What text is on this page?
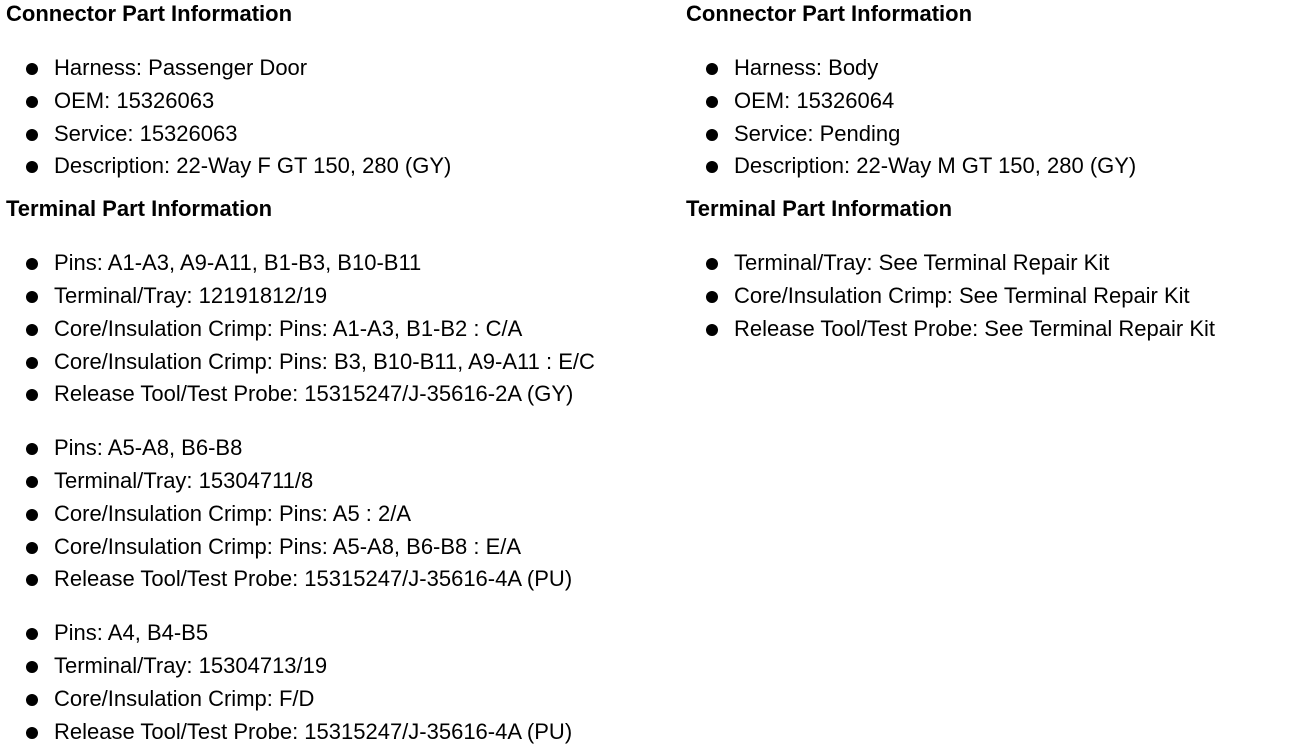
Connector Part Information
Harness: Passenger Door
OEM: 15326063
Service: 15326063
Description: 22-Way F GT 150, 280 (GY)
Terminal Part Information
Pins: A1-A3, A9-A11, B1-B3, B10-B11
Terminal/Tray: 12191812/19
Core/Insulation Crimp: Pins: A1-A3, B1-B2 : C/A
Core/Insulation Crimp: Pins: B3, B10-B11, A9-A11 : E/C
Release Tool/Test Probe: 15315247/J-35616-2A (GY)
Pins: A5-A8, B6-B8
Terminal/Tray: 15304711/8
Core/Insulation Crimp: Pins: A5 : 2/A
Core/Insulation Crimp: Pins: A5-A8, B6-B8 : E/A
Release Tool/Test Probe: 15315247/J-35616-4A (PU)
Pins: A4, B4-B5
Terminal/Tray: 15304713/19
Core/Insulation Crimp: F/D
Release Tool/Test Probe: 15315247/J-35616-4A (PU)
Connector Part Information
Harness: Body
OEM: 15326064
Service: Pending
Description: 22-Way M GT 150, 280 (GY)
Terminal Part Information
Terminal/Tray: See Terminal Repair Kit
Core/Insulation Crimp: See Terminal Repair Kit
Release Tool/Test Probe: See Terminal Repair Kit
